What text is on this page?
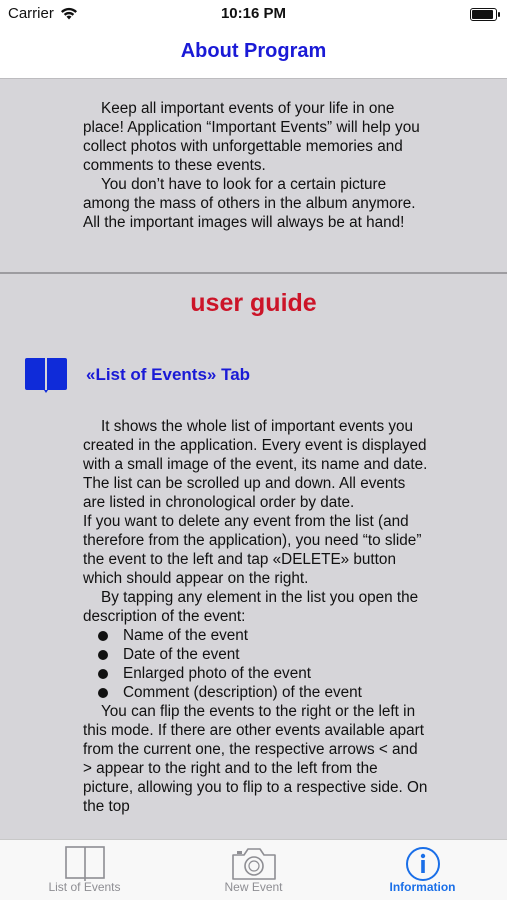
Carrier	10:16 PM
About Program
Keep all important events of your life in one place! Application “Important Events” will help you collect photos with unforgettable memories and comments to these events.
You don’t have to look for a certain picture among the mass of others in the album anymore. All the important images will always be at hand!
user guide
«List of Events» Tab

It shows the whole list of important events you created in the application. Every event is displayed with a small image of the event, its name and date. The list can be scrolled up and down. All events are listed in chronological order by date.

If you want to delete any event from the list (and therefore from the application), you need “to slide” the event to the left and tap «DELETE» button which should appear on the right.

By tapping any element in the list you open the description of the event:

Name of the event
Date of the event
Enlarged photo of the event
Comment (description) of the event

You can flip the events to the right or the left in this mode. If there are other events available apart from the current one, the respective arrows < and > appear to the right and to the left from the picture, allowing you to flip to a respective side. On the top

List of Events	New Event	Information
